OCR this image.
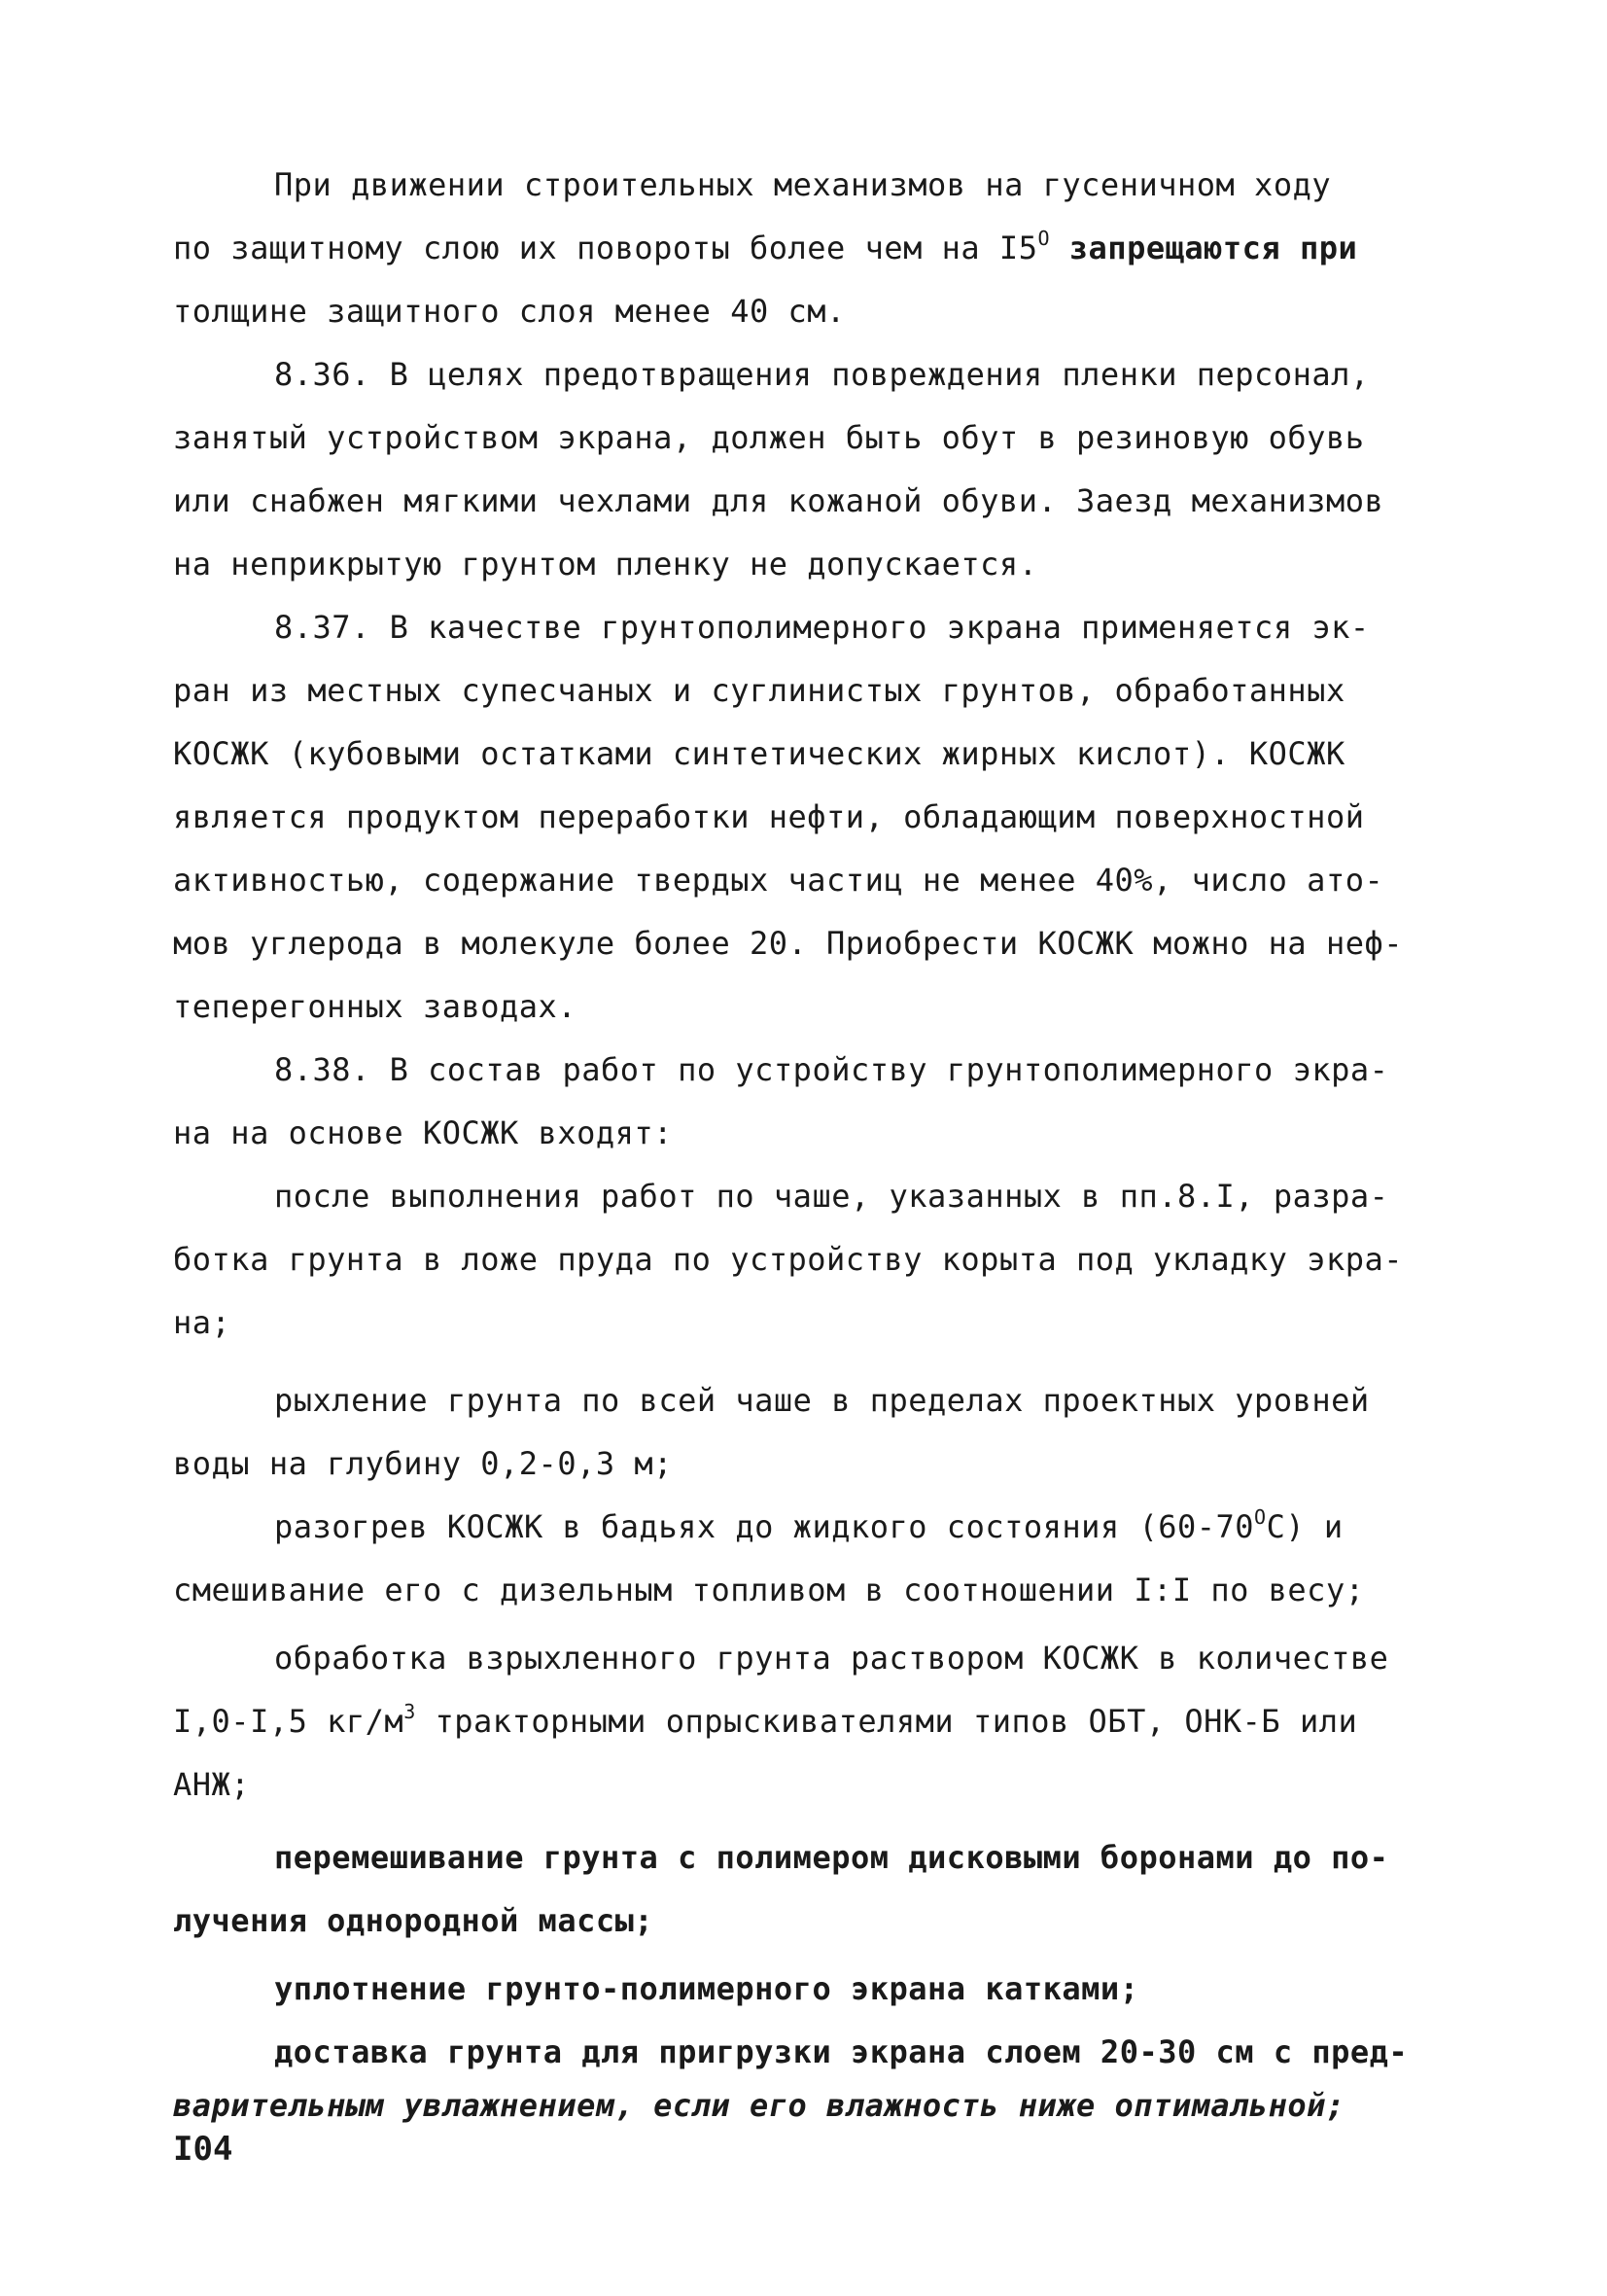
При движении строительных механизмов на гусеничном ходу
по защитному слою их повороты более чем на $I5^O$ запрещаются при
толщине защитного слоя менее 40 см.
8.36. В целях предотвращения повреждения пленки персонал,
занятый устройством экрана, должен быть обут в резиновую обувь
или снабжен мягкими чехлами для кожаной обуви. Заезд механизмов
на неприкрытую грунтом пленку не допускается.
8.37. В качестве грунтополимерного экрана применяется эк-
ран из местных супесчаных и суглинистых грунтов, обработанных
КОСЖК (кубовыми остатками синтетических жирных кислот). КОСЖК
является продуктом переработки нефти, обладающим поверхностной
активностью, содержание твердых частиц не менее 40%, число ато-
мов углерода в молекуле более 20. Приобрести КОСЖК можно на неф-
теперегонных заводах.
8.38. В состав работ по устройству грунтополимерного экра-
на на основе КОСЖК входят:
после выполнения работ по чаше, указанных в пп.8.I, разра-
ботка грунта в ложе пруда по устройству корыта под укладку экра-
на;
рыхление грунта по всей чаше в пределах проектных уровней
воды на глубину 0,2-0,3 м;
разогрев КОСЖК в бадьях до жидкого состояния $(60-70^OС)$ и
смешивание его с дизельным топливом в соотношении I:I по весу;
обработка взрыхленного грунта раствором КОСЖК в количестве
I,0-I,5 $кг/м^3$ тракторными опрыскивателями типов ОБТ, ОНК-Б или
АНЖ;
перемешивание грунта с полимером дисковыми боронами до по-
лучения однородной массы;
уплотнение грунто-полимерного экрана катками;
доставка грунта для пригрузки экрана слоем 20-30 см с пред-
варительным увлажнением, если его влажность ниже оптимальной;
I04
